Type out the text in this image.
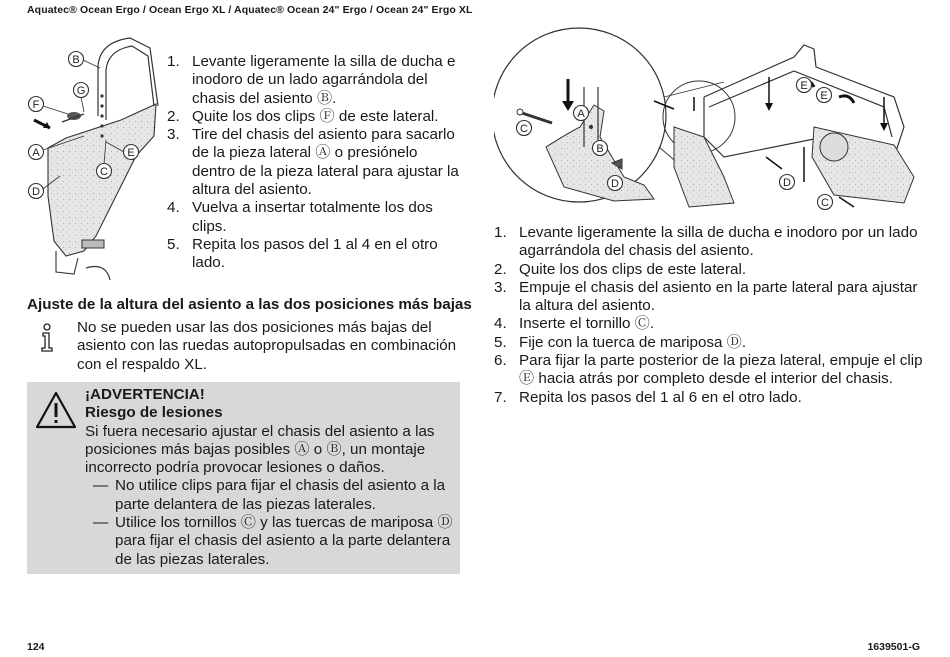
Aquatec® Ocean Ergo / Ocean Ergo XL / Aquatec® Ocean 24" Ergo / Ocean 24" Ergo XL
B
G
F
A	E
C
D
1. Levante ligeramente la silla de ducha e inodoro de un lado agarrándola del chasis del asiento Ⓑ.
2. Quite los dos clips Ⓕ de este lateral.
3. Tire del chasis del asiento para sacarlo de la pieza lateral Ⓐ o presiónelo dentro de la pieza lateral para ajustar la altura del asiento.
4. Vuelva a insertar totalmente los dos clips.
5. Repita los pasos del 1 al 4 en el otro lado.
Ajuste de la altura del asiento a las dos posiciones más bajas
No se pueden usar las dos posiciones más bajas del asiento con las ruedas autopropulsadas en combinación con el respaldo XL.
¡ADVERTENCIA!
Riesgo de lesiones
Si fuera necesario ajustar el chasis del asiento a las posiciones más bajas posibles Ⓐ o Ⓑ, un montaje incorrecto podría provocar lesiones o daños.
— No utilice clips para fijar el chasis del asiento a la parte delantera de las piezas laterales.
— Utilice los tornillos Ⓒ y las tuercas de mariposa Ⓓ para fijar el chasis del asiento a la parte delantera de las piezas laterales.
A
C
B
D
E
E
D
C
1. Levante ligeramente la silla de ducha e inodoro por un lado agarrándola del chasis del asiento.
2. Quite los dos clips de este lateral.
3. Empuje el chasis del asiento en la parte lateral para ajustar la altura del asiento.
4. Inserte el tornillo Ⓒ.
5. Fije con la tuerca de mariposa Ⓓ.
6. Para fijar la parte posterior de la pieza lateral, empuje el clip Ⓔ hacia atrás por completo desde el interior del chasis.
7. Repita los pasos del 1 al 6 en el otro lado.
124	1639501-G
